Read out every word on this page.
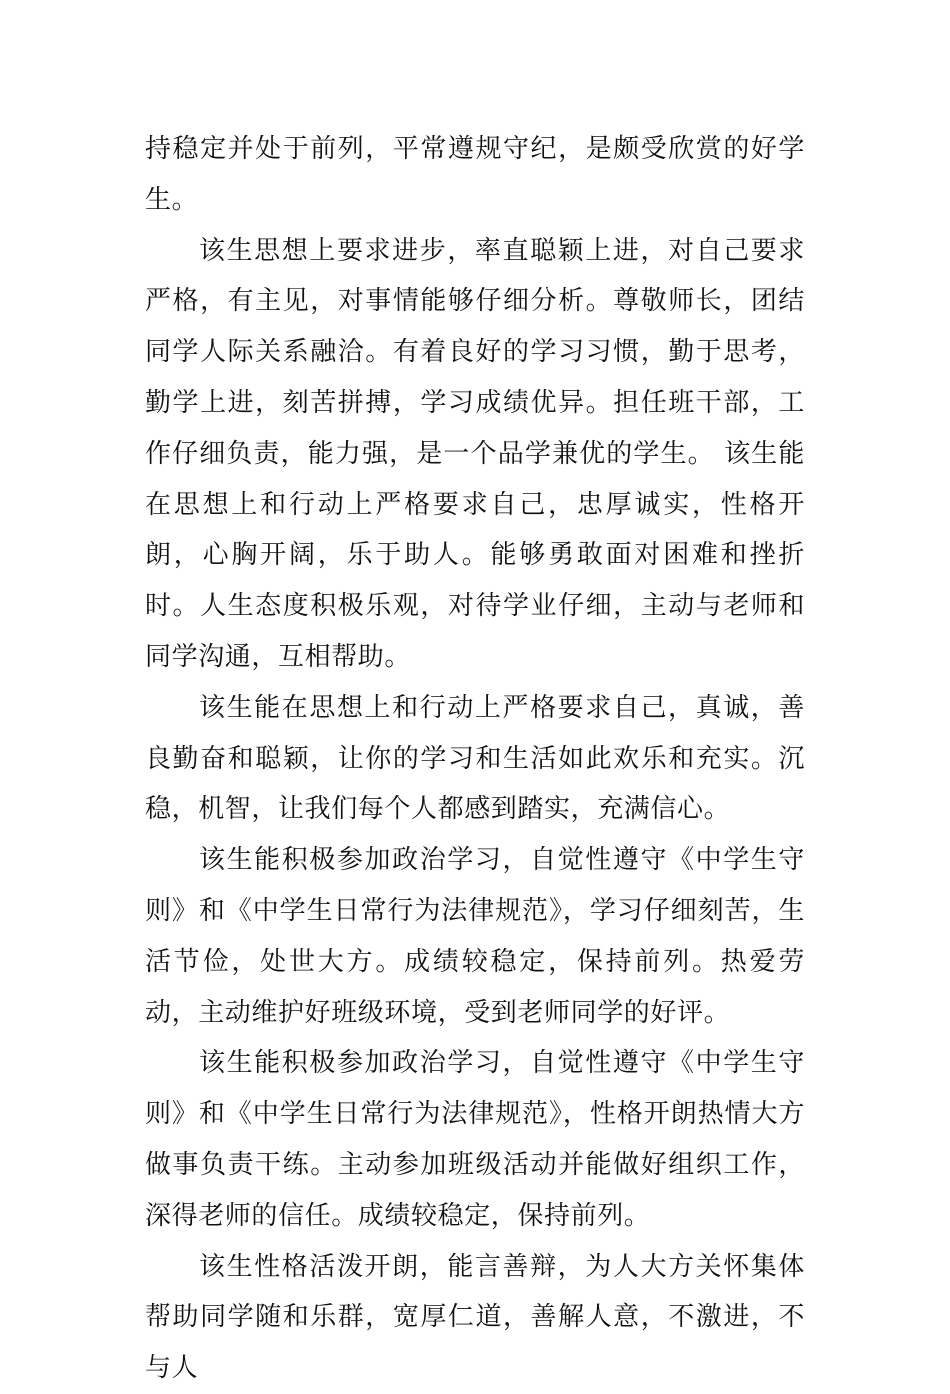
持稳定并处于前列，平常遵规守纪，是颇受欣赏的好学生。

该生思想上要求进步，率直聪颖上进，对自己要求严格，有主见，对事情能够仔细分析。尊敬师长，团结同学人际关系融洽。有着良好的学习习惯，勤于思考，勤学上进，刻苦拼搏，学习成绩优异。担任班干部，工作仔细负责，能力强，是一个品学兼优的学生。 该生能在思想上和行动上严格要求自己，忠厚诚实，性格开朗，心胸开阔，乐于助人。能够勇敢面对困难和挫折时。人生态度积极乐观，对待学业仔细，主动与老师和同学沟通，互相帮助。

该生能在思想上和行动上严格要求自己，真诚，善良勤奋和聪颖，让你的学习和生活如此欢乐和充实。沉稳，机智，让我们每个人都感到踏实，充满信心。

该生能积极参加政治学习，自觉性遵守《中学生守则》和《中学生日常行为法律规范》，学习仔细刻苦，生活节俭，处世大方。成绩较稳定，保持前列。热爱劳动，主动维护好班级环境，受到老师同学的好评。

该生能积极参加政治学习，自觉性遵守《中学生守则》和《中学生日常行为法律规范》，性格开朗热情大方做事负责干练。主动参加班级活动并能做好组织工作，深得老师的信任。成绩较稳定，保持前列。

该生性格活泼开朗，能言善辩，为人大方关怀集体帮助同学随和乐群，宽厚仁道，善解人意，不激进，不与人
